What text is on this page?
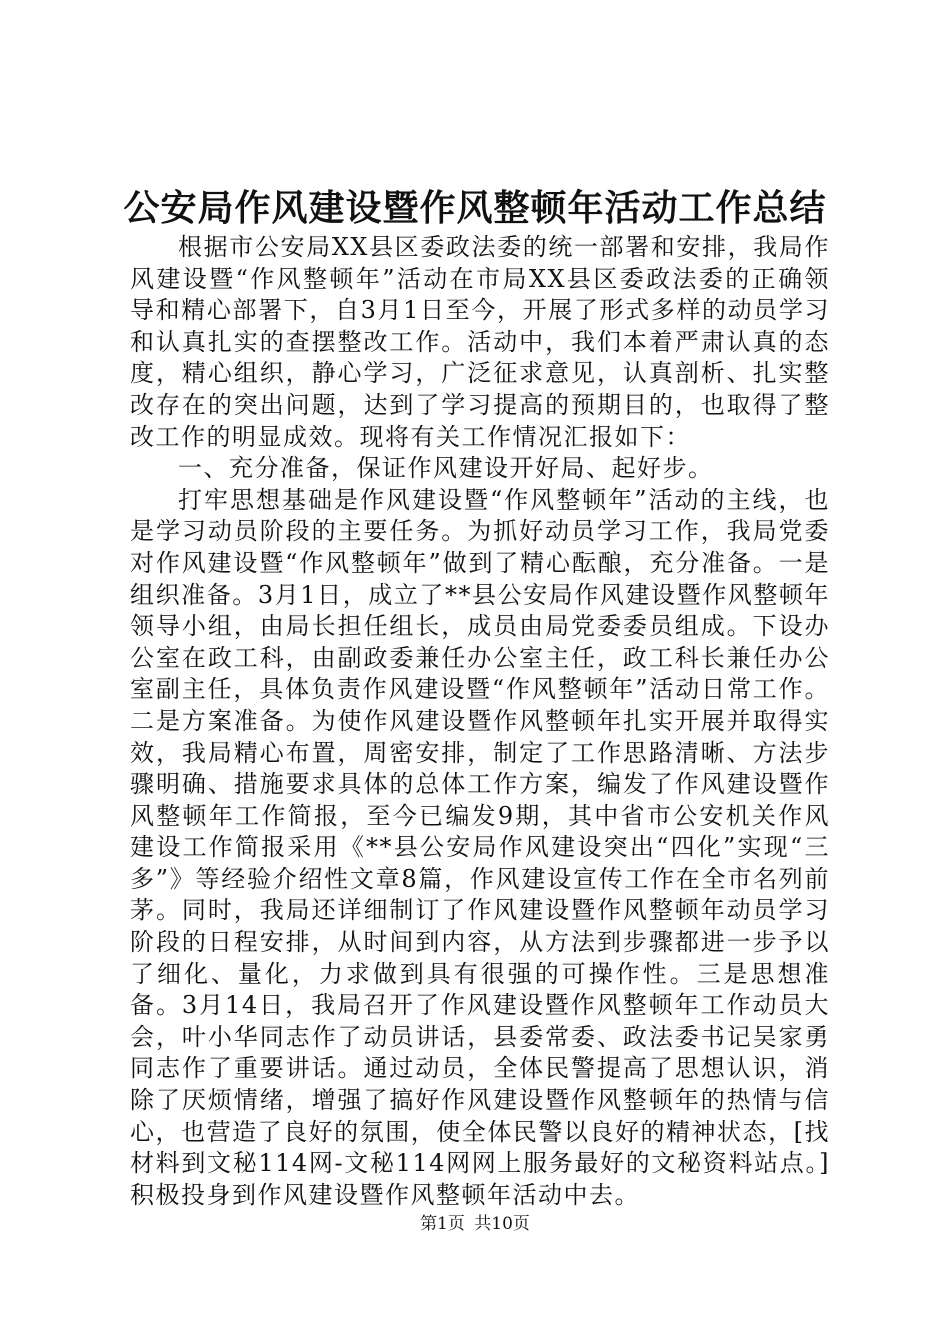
公安局作风建设暨作风整顿年活动工作总结

根据市公安局XX县区委政法委的统一部署和安排，我局作风建设暨“作风整顿年”活动在市局XX县区委政法委的正确领导和精心部署下，自3月1日至今，开展了形式多样的动员学习和认真扎实的查摆整改工作。活动中，我们本着严肃认真的态度，精心组织，静心学习，广泛征求意见，认真剖析、扎实整改存在的突出问题，达到了学习提高的预期目的，也取得了整改工作的明显成效。现将有关工作情况汇报如下：

一、充分准备，保证作风建设开好局、起好步。

打牢思想基础是作风建设暨“作风整顿年”活动的主线，也是学习动员阶段的主要任务。为抓好动员学习工作，我局党委对作风建设暨“作风整顿年”做到了精心酝酿，充分准备。一是组织准备。3月1日，成立了**县公安局作风建设暨作风整顿年领导小组，由局长担任组长，成员由局党委委员组成。下设办公室在政工科，由副政委兼任办公室主任，政工科长兼任办公室副主任，具体负责作风建设暨“作风整顿年”活动日常工作。二是方案准备。为使作风建设暨作风整顿年扎实开展并取得实效，我局精心布置，周密安排，制定了工作思路清晰、方法步骤明确、措施要求具体的总体工作方案，编发了作风建设暨作风整顿年工作简报，至今已编发9期，其中省市公安机关作风建设工作简报采用《**县公安局作风建设突出“四化”实现“三多”》等经验介绍性文章8篇，作风建设宣传工作在全市名列前茅。同时，我局还详细制订了作风建设暨作风整顿年动员学习阶段的日程安排，从时间到内容，从方法到步骤都进一步予以了细化、量化，力求做到具有很强的可操作性。三是思想准备。3月14日，我局召开了作风建设暨作风整顿年工作动员大会，叶小华同志作了动员讲话，县委常委、政法委书记吴家勇同志作了重要讲话。通过动员，全体民警提高了思想认识，消除了厌烦情绪，增强了搞好作风建设暨作风整顿年的热情与信心，也营造了良好的氛围，使全体民警以良好的精神状态，[找材料到文秘114网-文秘114网网上服务最好的文秘资料站点。]积极投身到作风建设暨作风整顿年活动中去。

第1页 共10页
